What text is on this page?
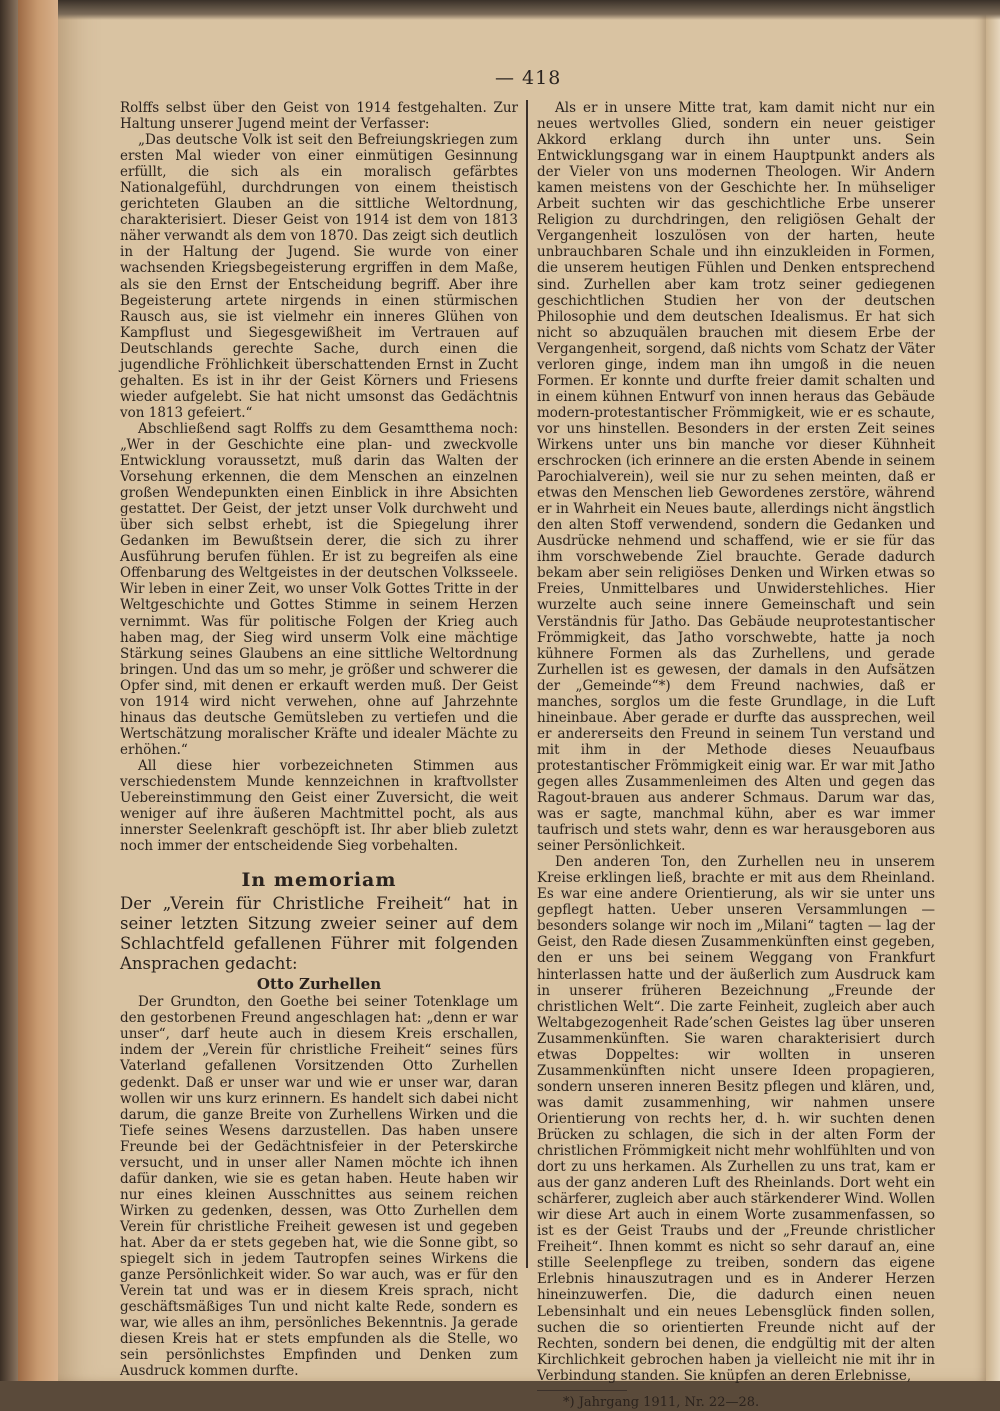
— 418

Rolffs selbst über den Geist von 1914 festgehalten. Zur Haltung unserer Jugend meint der Verfasser:

„Das deutsche Volk ist seit den Befreiungskriegen zum ersten Mal wieder von einer einmütigen Gesinnung erfüllt, die sich als ein moralisch gefärbtes Nationalgefühl, durchdrungen von einem theistisch gerichteten Glauben an die sittliche Weltordnung, charakterisiert. Dieser Geist von 1914 ist dem von 1813 näher verwandt als dem von 1870. Das zeigt sich deutlich in der Haltung der Jugend. Sie wurde von einer wachsenden Kriegsbegeisterung ergriffen in dem Maße, als sie den Ernst der Entscheidung begriff. Aber ihre Begeisterung artete nirgends in einen stürmischen Rausch aus, sie ist vielmehr ein inneres Glühen von Kampflust und Siegesgewißheit im Vertrauen auf Deutschlands gerechte Sache, durch einen die jugendliche Fröhlichkeit überschattenden Ernst in Zucht gehalten. Es ist in ihr der Geist Körners und Friesens wieder aufgelebt. Sie hat nicht umsonst das Gedächtnis von 1813 gefeiert.“

Abschließend sagt Rolffs zu dem Gesamtthema noch: „Wer in der Geschichte eine plan- und zweckvolle Entwicklung voraussetzt, muß darin das Walten der Vorsehung erkennen, die dem Menschen an einzelnen großen Wendepunkten einen Einblick in ihre Absichten gestattet. Der Geist, der jetzt unser Volk durchweht und über sich selbst erhebt, ist die Spiegelung ihrer Gedanken im Bewußtsein derer, die sich zu ihrer Ausführung berufen fühlen. Er ist zu begreifen als eine Offenbarung des Weltgeistes in der deutschen Volksseele. Wir leben in einer Zeit, wo unser Volk Gottes Tritte in der Weltgeschichte und Gottes Stimme in seinem Herzen vernimmt. Was für politische Folgen der Krieg auch haben mag, der Sieg wird unserm Volk eine mächtige Stärkung seines Glaubens an eine sittliche Weltordnung bringen. Und das um so mehr, je größer und schwerer die Opfer sind, mit denen er erkauft werden muß. Der Geist von 1914 wird nicht verwehen, ohne auf Jahrzehnte hinaus das deutsche Gemütsleben zu vertiefen und die Wertschätzung moralischer Kräfte und idealer Mächte zu erhöhen.“

All diese hier vorbezeichneten Stimmen aus verschiedenstem Munde kennzeichnen in kraftvollster Uebereinstimmung den Geist einer Zuversicht, die weit weniger auf ihre äußeren Machtmittel pocht, als aus innerster Seelenkraft geschöpft ist. Ihr aber blieb zuletzt noch immer der entscheidende Sieg vorbehalten.

In memoriam

Der „Verein für Christliche Freiheit“ hat in seiner letzten Sitzung zweier seiner auf dem Schlachtfeld gefallenen Führer mit folgenden Ansprachen gedacht:

Otto Zurhellen

Der Grundton, den Goethe bei seiner Totenklage um den gestorbenen Freund angeschlagen hat: „denn er war unser“, darf heute auch in diesem Kreis erschallen, indem der „Verein für christliche Freiheit“ seines fürs Vaterland gefallenen Vorsitzenden Otto Zurhellen gedenkt. Daß er unser war und wie er unser war, daran wollen wir uns kurz erinnern. Es handelt sich dabei nicht darum, die ganze Breite von Zurhellens Wirken und die Tiefe seines Wesens darzustellen. Das haben unsere Freunde bei der Gedächtnisfeier in der Peterskirche versucht, und in unser aller Namen möchte ich ihnen dafür danken, wie sie es getan haben. Heute haben wir nur eines kleinen Ausschnittes aus seinem reichen Wirken zu gedenken, dessen, was Otto Zurhellen dem Verein für christliche Freiheit gewesen ist und gegeben hat. Aber da er stets gegeben hat, wie die Sonne gibt, so spiegelt sich in jedem Tautropfen seines Wirkens die ganze Persönlichkeit wider. So war auch, was er für den Verein tat und was er in diesem Kreis sprach, nicht geschäftsmäßiges Tun und nicht kalte Rede, sondern es war, wie alles an ihm, persönliches Bekenntnis. Ja gerade diesen Kreis hat er stets empfunden als die Stelle, wo sein persönlichstes Empfinden und Denken zum Ausdruck kommen durfte.

Als er in unsere Mitte trat, kam damit nicht nur ein neues wertvolles Glied, sondern ein neuer geistiger Akkord erklang durch ihn unter uns. Sein Entwicklungsgang war in einem Hauptpunkt anders als der Vieler von uns modernen Theologen. Wir Andern kamen meistens von der Geschichte her. In mühseliger Arbeit suchten wir das geschichtliche Erbe unserer Religion zu durchdringen, den religiösen Gehalt der Vergangenheit loszulösen von der harten, heute unbrauchbaren Schale und ihn einzukleiden in Formen, die unserem heutigen Fühlen und Denken entsprechend sind. Zurhellen aber kam trotz seiner gediegenen geschichtlichen Studien her von der deutschen Philosophie und dem deutschen Idealismus. Er hat sich nicht so abzuquälen brauchen mit diesem Erbe der Vergangenheit, sorgend, daß nichts vom Schatz der Väter verloren ginge, indem man ihn umgoß in die neuen Formen. Er konnte und durfte freier damit schalten und in einem kühnen Entwurf von innen heraus das Gebäude modern-protestantischer Frömmigkeit, wie er es schaute, vor uns hinstellen. Besonders in der ersten Zeit seines Wirkens unter uns bin manche vor dieser Kühnheit erschrocken (ich erinnere an die ersten Abende in seinem Parochialverein), weil sie nur zu sehen meinten, daß er etwas den Menschen lieb Gewordenes zerstöre, während er in Wahrheit ein Neues baute, allerdings nicht ängstlich den alten Stoff verwendend, sondern die Gedanken und Ausdrücke nehmend und schaffend, wie er sie für das ihm vorschwebende Ziel brauchte. Gerade dadurch bekam aber sein religiöses Denken und Wirken etwas so Freies, Unmittelbares und Unwiderstehliches. Hier wurzelte auch seine innere Gemeinschaft und sein Verständnis für Jatho. Das Gebäude neuprotestantischer Frömmigkeit, das Jatho vorschwebte, hatte ja noch kühnere Formen als das Zurhellens, und gerade Zurhellen ist es gewesen, der damals in den Aufsätzen der „Gemeinde“*) dem Freund nachwies, daß er manches, sorglos um die feste Grundlage, in die Luft hineinbaue. Aber gerade er durfte das aussprechen, weil er andererseits den Freund in seinem Tun verstand und mit ihm in der Methode dieses Neuaufbaus protestantischer Frömmigkeit einig war. Er war mit Jatho gegen alles Zusammenleimen des Alten und gegen das Ragout-brauen aus anderer Schmaus. Darum war das, was er sagte, manchmal kühn, aber es war immer taufrisch und stets wahr, denn es war herausgeboren aus seiner Persönlichkeit.

Den anderen Ton, den Zurhellen neu in unserem Kreise erklingen ließ, brachte er mit aus dem Rheinland. Es war eine andere Orientierung, als wir sie unter uns gepflegt hatten. Ueber unseren Versammlungen — besonders solange wir noch im „Milani“ tagten — lag der Geist, den Rade diesen Zusammenkünften einst gegeben, den er uns bei seinem Weggang von Frankfurt hinterlassen hatte und der äußerlich zum Ausdruck kam in unserer früheren Bezeichnung „Freunde der christlichen Welt“. Die zarte Feinheit, zugleich aber auch Weltabgezogenheit Rade’schen Geistes lag über unseren Zusammenkünften. Sie waren charakterisiert durch etwas Doppeltes: wir wollten in unseren Zusammenkünften nicht unsere Ideen propagieren, sondern unseren inneren Besitz pflegen und klären, und, was damit zusammenhing, wir nahmen unsere Orientierung von rechts her, d. h. wir suchten denen Brücken zu schlagen, die sich in der alten Form der christlichen Frömmigkeit nicht mehr wohlfühlten und von dort zu uns herkamen. Als Zurhellen zu uns trat, kam er aus der ganz anderen Luft des Rheinlands. Dort weht ein schärferer, zugleich aber auch stärkenderer Wind. Wollen wir diese Art auch in einem Worte zusammenfassen, so ist es der Geist Traubs und der „Freunde christlicher Freiheit“. Ihnen kommt es nicht so sehr darauf an, eine stille Seelenpflege zu treiben, sondern das eigene Erlebnis hinauszutragen und es in Anderer Herzen hineinzuwerfen. Die, die dadurch einen neuen Lebensinhalt und ein neues Lebensglück finden sollen, suchen die so orientierten Freunde nicht auf der Rechten, sondern bei denen, die endgültig mit der alten Kirchlichkeit gebrochen haben ja vielleicht nie mit ihr in Verbindung standen. Sie knüpfen an deren Erlebnisse,

*) Jahrgang 1911, Nr. 22—28.
